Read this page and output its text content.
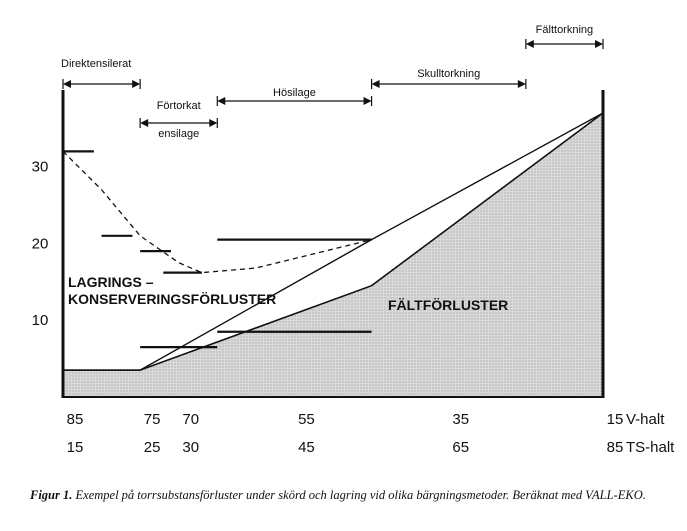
10
20
30
85
15
75
25
70
30
55
45
35
65
15
85
V-halt
TS-halt
Direktensilerat
Förtorkat
ensilage
Hösilage
Skulltorkning
Fälttorkning
LAGRINGS –
KONSERVERINGSFÖRLUSTER	FÄLTFÖRLUSTER
Figur 1. Exempel på torrsubstansförluster under skörd och lagring vid olika bärgningsmetoder. Beräknat med VALL-EKO.
